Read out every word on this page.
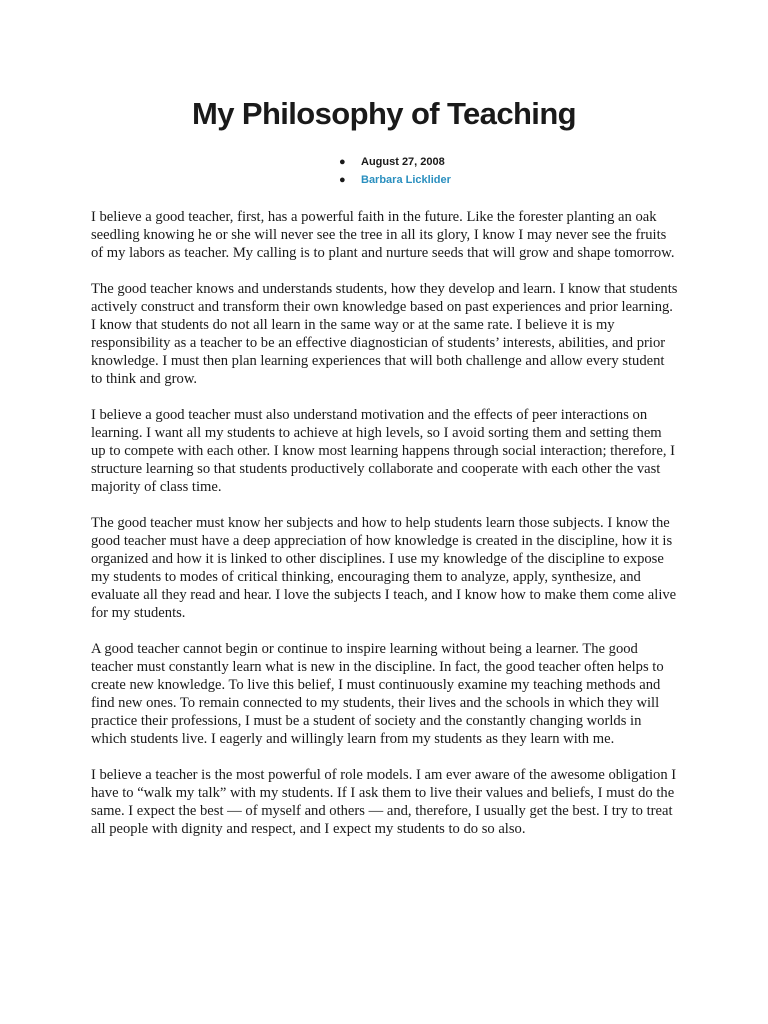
My Philosophy of Teaching
● August 27, 2008
● Barbara Licklider

I believe a good teacher, first, has a powerful faith in the future. Like the forester planting an oak seedling knowing he or she will never see the tree in all its glory, I know I may never see the fruits of my labors as teacher. My calling is to plant and nurture seeds that will grow and shape tomorrow.

The good teacher knows and understands students, how they develop and learn. I know that students actively construct and transform their own knowledge based on past experiences and prior learning. I know that students do not all learn in the same way or at the same rate. I believe it is my responsibility as a teacher to be an effective diagnostician of students’ interests, abilities, and prior knowledge. I must then plan learning experiences that will both challenge and allow every student to think and grow.

I believe a good teacher must also understand motivation and the effects of peer interactions on learning. I want all my students to achieve at high levels, so I avoid sorting them and setting them up to compete with each other. I know most learning happens through social interaction; therefore, I structure learning so that students productively collaborate and cooperate with each other the vast majority of class time.

The good teacher must know her subjects and how to help students learn those subjects. I know the good teacher must have a deep appreciation of how knowledge is created in the discipline, how it is organized and how it is linked to other disciplines. I use my knowledge of the discipline to expose my students to modes of critical thinking, encouraging them to analyze, apply, synthesize, and evaluate all they read and hear. I love the subjects I teach, and I know how to make them come alive for my students.

A good teacher cannot begin or continue to inspire learning without being a learner. The good teacher must constantly learn what is new in the discipline. In fact, the good teacher often helps to create new knowledge. To live this belief, I must continuously examine my teaching methods and find new ones. To remain connected to my students, their lives and the schools in which they will practice their professions, I must be a student of society and the constantly changing worlds in which students live. I eagerly and willingly learn from my students as they learn with me.

I believe a teacher is the most powerful of role models. I am ever aware of the awesome obligation I have to “walk my talk” with my students. If I ask them to live their values and beliefs, I must do the same. I expect the best — of myself and others — and, therefore, I usually get the best. I try to treat all people with dignity and respect, and I expect my students to do so also.
